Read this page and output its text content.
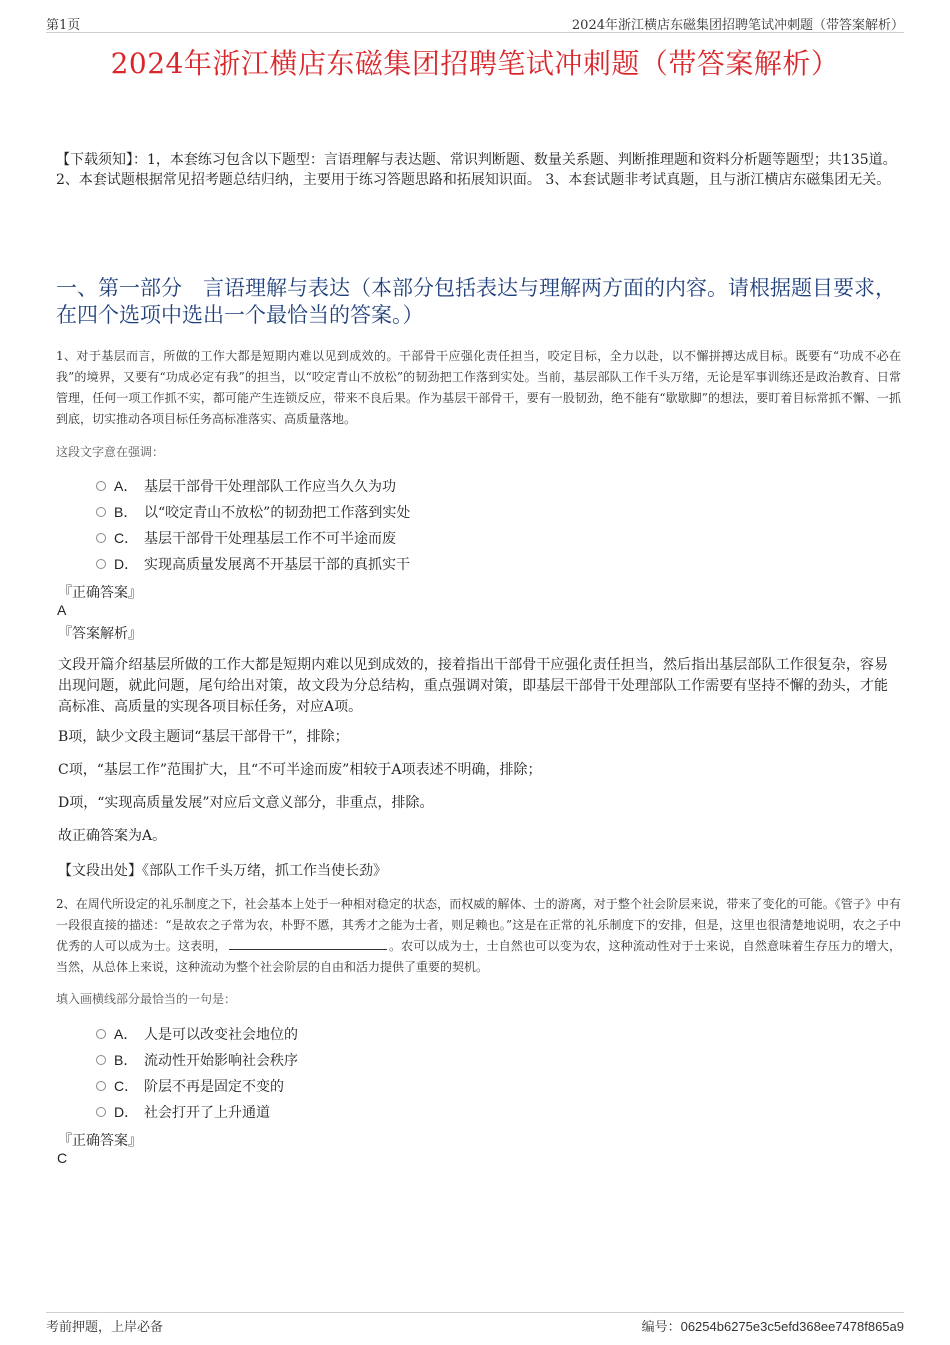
第1页	2024年浙江横店东磁集团招聘笔试冲刺题（带答案解析）
2024年浙江横店东磁集团招聘笔试冲刺题（带答案解析）
【下载须知】：1，本套练习包含以下题型：言语理解与表达题、常识判断题、数量关系题、判断推理题和资料分析题等题型；共135道。 2、本套试题根据常见招考题总结归纳，主要用于练习答题思路和拓展知识面。 3、本套试题非考试真题，且与浙江横店东磁集团无关。
一、第一部分　言语理解与表达（本部分包括表达与理解两方面的内容。请根据题目要求，在四个选项中选出一个最恰当的答案。）
1、对于基层而言，所做的工作大都是短期内难以见到成效的。干部骨干应强化责任担当，咬定目标，全力以赴，以不懈拼搏达成目标。既要有“功成不必在我”的境界，又要有“功成必定有我”的担当，以“咬定青山不放松”的韧劲把工作落到实处。当前，基层部队工作千头万绪，无论是军事训练还是政治教育、日常管理，任何一项工作抓不实，都可能产生连锁反应，带来不良后果。作为基层干部骨干，要有一股韧劲，绝不能有“歇歇脚”的想法，要盯着目标常抓不懈、一抓到底，切实推动各项目标任务高标准落实、高质量落地。
这段文字意在强调：
A． 基层干部骨干处理部队工作应当久久为功
B． 以“咬定青山不放松”的韧劲把工作落到实处
C． 基层干部骨干处理基层工作不可半途而废
D． 实现高质量发展离不开基层干部的真抓实干
『正确答案』
A
『答案解析』
文段开篇介绍基层所做的工作大都是短期内难以见到成效的，接着指出干部骨干应强化责任担当，然后指出基层部队工作很复杂，容易出现问题，就此问题，尾句给出对策，故文段为分总结构，重点强调对策，即基层干部骨干处理部队工作需要有坚持不懈的劲头，才能高标准、高质量的实现各项目标任务，对应A项。
B项，缺少文段主题词“基层干部骨干”，排除；
C项，“基层工作”范围扩大，且“不可半途而废”相较于A项表述不明确，排除；
D项，“实现高质量发展”对应后文意义部分，非重点，排除。
故正确答案为A。
【文段出处】《部队工作千头万绪，抓工作当使长劲》
2、在周代所设定的礼乐制度之下，社会基本上处于一种相对稳定的状态，而权威的解体、士的游离，对于整个社会阶层来说，带来了变化的可能。《管子》中有一段很直接的描述：“是故农之子常为农，朴野不慝，其秀才之能为士者，则足赖也。”这是在正常的礼乐制度下的安排，但是，这里也很清楚地说明，农之子中优秀的人可以成为士。这表明，	。农可以成为士，士自然也可以变为农，这种流动性对于士来说，自然意味着生存压力的增大，当然，从总体上来说，这种流动为整个社会阶层的自由和活力提供了重要的契机。
填入画横线部分最恰当的一句是：
A． 人是可以改变社会地位的
B． 流动性开始影响社会秩序
C． 阶层不再是固定不变的
D． 社会打开了上升通道
『正确答案』
C
考前押题，上岸必备	编号：06254b6275e3c5efd368ee7478f865a9
